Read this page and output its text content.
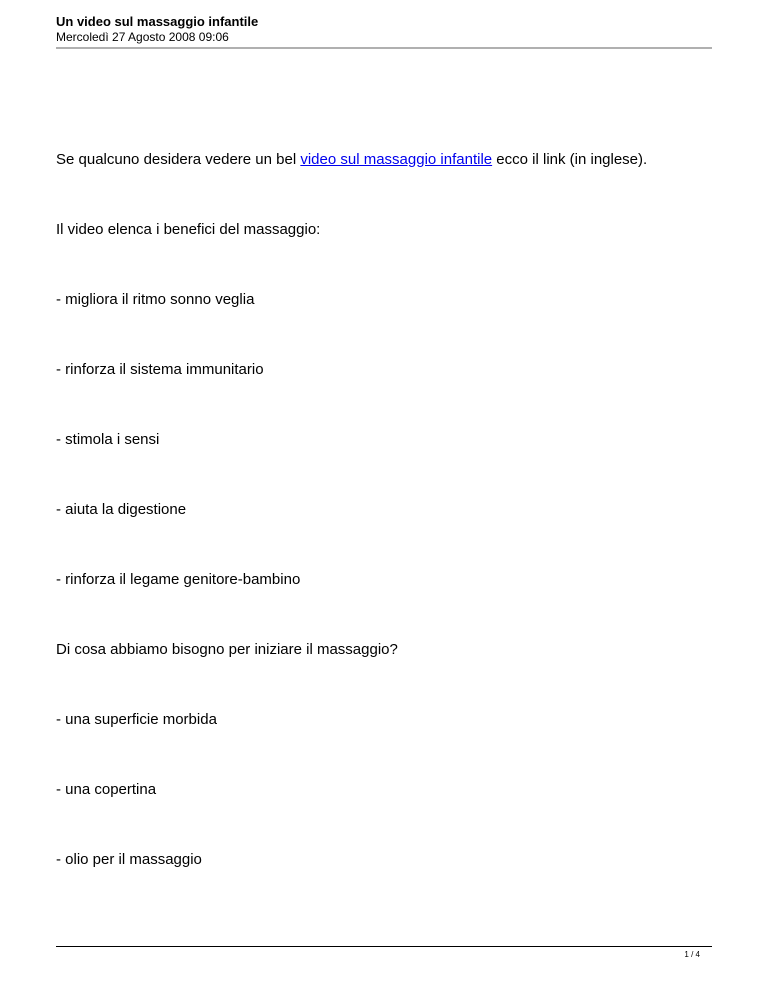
Un video sul massaggio infantile
Mercoledì 27 Agosto 2008 09:06
Se qualcuno desidera vedere un bel video sul massaggio infantile ecco il link (in inglese).
Il video elenca i benefici del massaggio:
- migliora il ritmo sonno veglia
- rinforza il sistema immunitario
- stimola i sensi
- aiuta la digestione
- rinforza il legame genitore-bambino
Di cosa abbiamo bisogno per iniziare il massaggio?
- una superficie morbida
- una copertina
- olio per il massaggio
1 / 4
